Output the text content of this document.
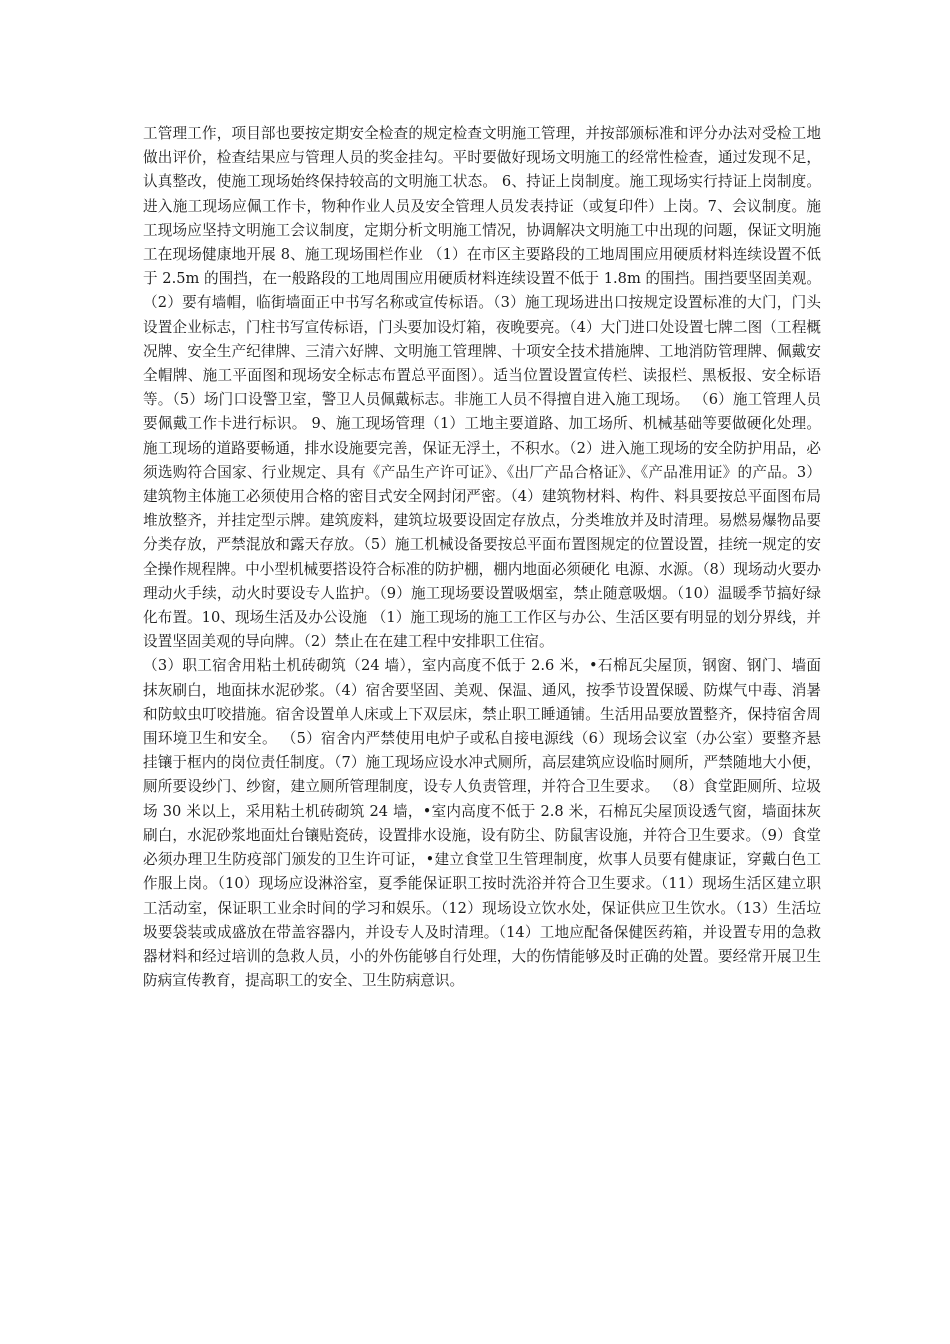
工管理工作，项目部也要按定期安全检查的规定检查文明施工管理，并按部颁标准和评分办法对受检工地做出评价，检查结果应与管理人员的奖金挂勾。平时要做好现场文明施工的经常性检查，通过发现不足，认真整改，使施工现场始终保持较高的文明施工状态。 6、持证上岗制度。施工现场实行持证上岗制度。进入施工现场应佩工作卡，物种作业人员及安全管理人员发表持证（或复印件）上岗。7、会议制度。施工现场应坚持文明施工会议制度，定期分析文明施工情况，协调解决文明施工中出现的问题，保证文明施工在现场健康地开展 8、施工现场围栏作业 （1）在市区主要路段的工地周围应用硬质材料连续设置不低于 2.5m 的围挡，在一般路段的工地周围应用硬质材料连续设置不低于 1.8m 的围挡。围挡要坚固美观。 （2）要有墙帽，临街墙面正中书写名称或宣传标语。（3）施工现场进出口按规定设置标准的大门，门头设置企业标志，门柱书写宣传标语，门头要加设灯箱，夜晚要亮。（4）大门进口处设置七牌二图（工程概况牌、安全生产纪律牌、三清六好牌、文明施工管理牌、十项安全技术措施牌、工地消防管理牌、佩戴安全帽牌、施工平面图和现场安全标志布置总平面图）。适当位置设置宣传栏、读报栏、黑板报、安全标语等。（5）场门口设警卫室，警卫人员佩戴标志。非施工人员不得擅自进入施工现场。 （6）施工管理人员要佩戴工作卡进行标识。 9、施工现场管理（1）工地主要道路、加工场所、机械基础等要做硬化处理。施工现场的道路要畅通，排水设施要完善，保证无浮土，不积水。（2）进入施工现场的安全防护用品，必须选购符合国家、行业规定、具有《产品生产许可证》、《出厂产品合格证》、《产品准用证》的产品。3）建筑物主体施工必须使用合格的密目式安全网封闭严密。（4）建筑物材料、构件、料具要按总平面图布局堆放整齐，并挂定型示牌。建筑废料，建筑垃圾要设固定存放点，分类堆放并及时清理。易燃易爆物品要分类存放，严禁混放和露天存放。（5）施工机械设备要按总平面布置图规定的位置设置，挂统一规定的安全操作规程牌。中小型机械要搭设符合标准的防护棚，棚内地面必须硬化 电源、水源。（8）现场动火要办理动火手续，动火时要设专人监护。（9）施工现场要设置吸烟室，禁止随意吸烟。（10）温暖季节搞好绿化布置。10、现场生活及办公设施 （1）施工现场的施工工作区与办公、生活区要有明显的划分界线，并设置坚固美观的导向牌。（2）禁止在在建工程中安排职工住宿。

（3）职工宿舍用粘土机砖砌筑（24 墙），室内高度不低于 2.6 米，•石棉瓦尖屋顶，钢窗、钢门、墙面抹灰刷白，地面抹水泥砂浆。（4）宿舍要坚固、美观、保温、通风，按季节设置保暖、防煤气中毒、消暑和防蚊虫叮咬措施。宿舍设置单人床或上下双层床，禁止职工睡通铺。生活用品要放置整齐，保持宿舍周围环境卫生和安全。 （5）宿舍内严禁使用电炉子或私自接电源线（6）现场会议室（办公室）要整齐悬挂镶于框内的岗位责任制度。（7）施工现场应设水冲式厕所，高层建筑应设临时厕所，严禁随地大小便，厕所要设纱门、纱窗，建立厕所管理制度，设专人负责管理，并符合卫生要求。 （8）食堂距厕所、垃圾场 30 米以上，采用粘土机砖砌筑 24 墙，•室内高度不低于 2.8 米，石棉瓦尖屋顶设透气窗，墙面抹灰刷白，水泥砂浆地面灶台镶贴瓷砖，设置排水设施，设有防尘、防鼠害设施，并符合卫生要求。（9）食堂必须办理卫生防疫部门颁发的卫生许可证，•建立食堂卫生管理制度，炊事人员要有健康证，穿戴白色工作服上岗。（10）现场应设淋浴室，夏季能保证职工按时洗浴并符合卫生要求。（11）现场生活区建立职工活动室，保证职工业余时间的学习和娱乐。（12）现场设立饮水处，保证供应卫生饮水。（13）生活垃圾要袋装或成盛放在带盖容器内，并设专人及时清理。（14）工地应配备保健医药箱，并设置专用的急救器材料和经过培训的急救人员，小的外伤能够自行处理，大的伤情能够及时正确的处置。要经常开展卫生防病宣传教育，提高职工的安全、卫生防病意识。
